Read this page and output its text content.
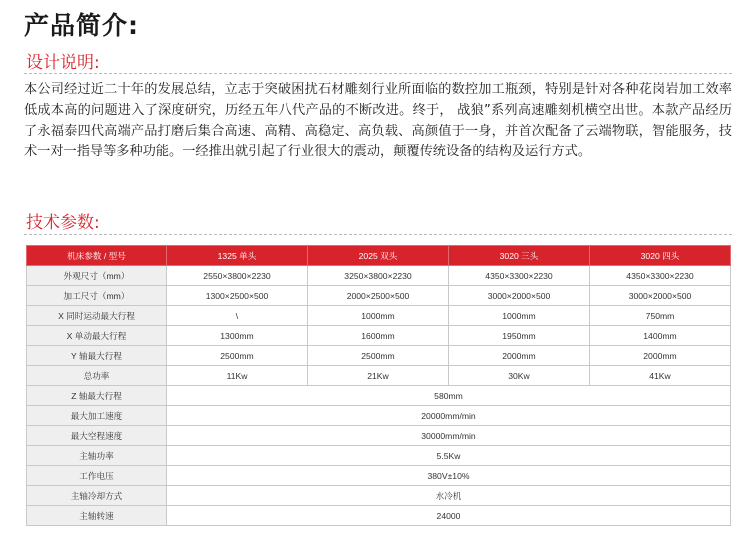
产品简介:
设计说明:

本公司经过近二十年的发展总结，立志于突破困扰石材雕刻行业所面临的数控加工瓶颈，特别是针对各种花岗岩加工效率低成本高的问题进入了深度研究，历经五年八代产品的不断改进。终于， 战狼”系列高速雕刻机横空出世。本款产品经历了永福泰四代高端产品打磨后集合高速、高精、高稳定、高负载、高颜值于一身，并首次配备了云端物联，智能服务，技术一对一指导等多种功能。一经推出就引起了行业很大的震动，颠覆传统设备的结构及运行方式。

技术参数:
机床参数 / 型号	1325 单头	2025 双头	3020 三头	3020 四头
外观尺寸（mm）	2550×3800×2230	3250×3800×2230	4350×3300×2230	4350×3300×2230
加工尺寸（mm）	1300×2500×500	2000×2500×500	3000×2000×500	3000×2000×500
X 同时运动最大行程	\	1000mm	1000mm	750mm
X 单动最大行程	1300mm	1600mm	1950mm	1400mm
Y 轴最大行程	2500mm	2500mm	2000mm	2000mm
总功率	11Kw	21Kw	30Kw	41Kw
Z 轴最大行程	580mm			
最大加工速度	20000mm/min			
最大空程速度	30000mm/min			
主轴功率	5.5Kw			
工作电压	380V±10%			
主轴冷却方式	水冷机			
主轴转速	24000			
